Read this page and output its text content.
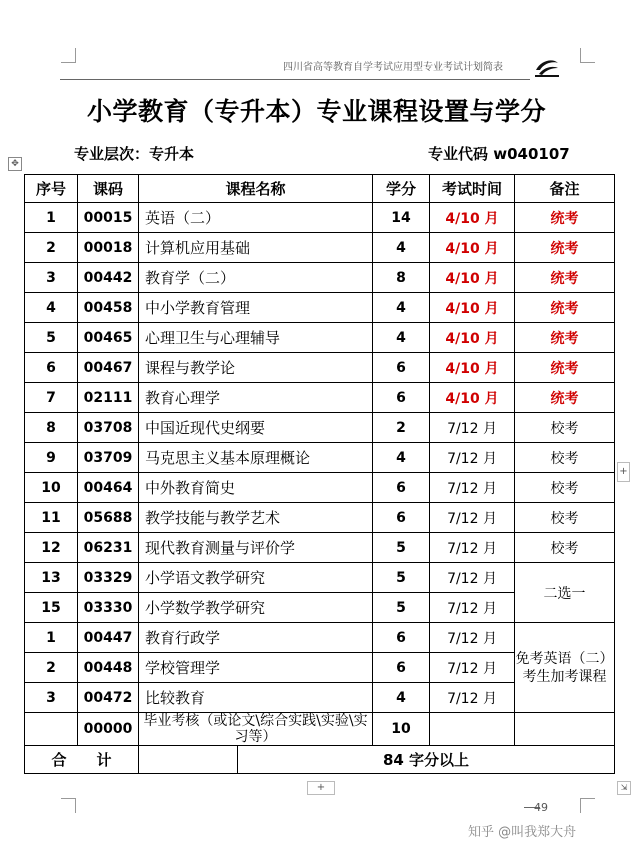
四川省高等教育自学考试应用型专业考试计划简表
小学教育（专升本）专业课程设置与学分
专业层次：专升本	专业代码 w040107
✥
序号	课码	课程名称		学分	考试时间	备注
1	00015	英语（二）		14	4/10 月	统考
2	00018	计算机应用基础		4	4/10 月	统考
3	00442	教育学（二）		8	4/10 月	统考
4	00458	中小学教育管理		4	4/10 月	统考
5	00465	心理卫生与心理辅导		4	4/10 月	统考
6	00467	课程与教学论		6	4/10 月	统考
7	02111	教育心理学		6	4/10 月	统考
8	03708	中国近现代史纲要		2	7/12 月	校考
9	03709	马克思主义基本原理概论		4	7/12 月	校考
10	00464	中外教育简史		6	7/12 月	校考
11	05688	教学技能与教学艺术		6	7/12 月	校考
12	06231	现代教育测量与评价学		5	7/12 月	校考
13	03329	小学语文教学研究		5	7/12 月	二选一
15	03330	小学数学教学研究		5	7/12 月	
1	00447	教育行政学		6	7/12 月	免考英语（二）考生加考课程
2	00448	学校管理学		6	7/12 月	
3	00472	比较教育		4	7/12 月	
	00000	毕业考核（或论文\综合实践\实验\实习等）		10		
合　　计			84 字分以上			
+
+	⇲
49
知乎 @叫我郑大舟
